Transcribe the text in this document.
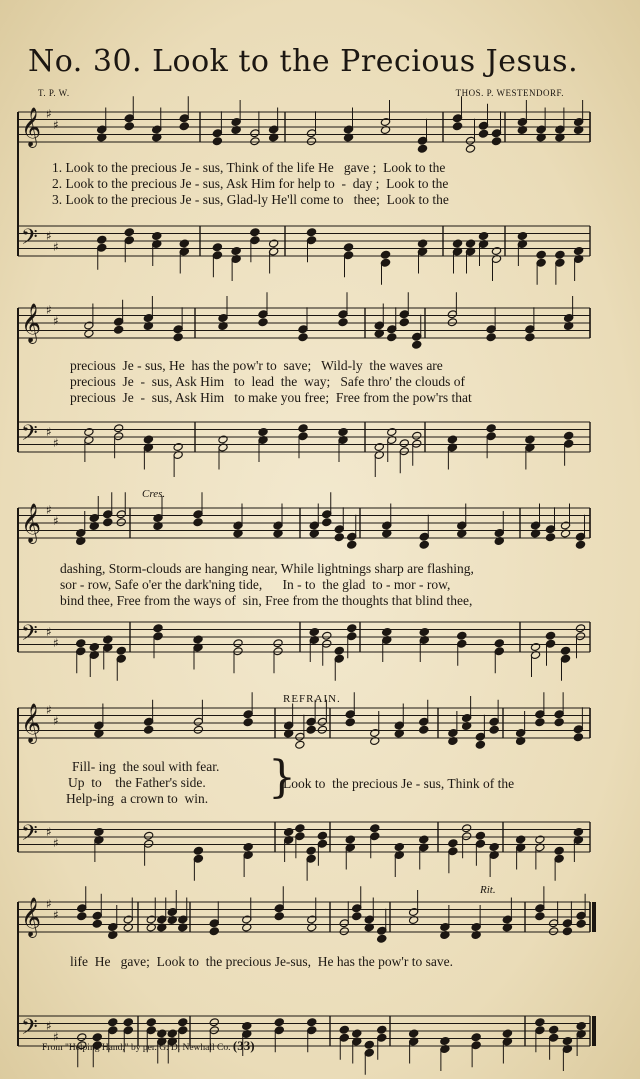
No. 30. Look to the Precious Jesus.
T. P. W.	THOS. P. WESTENDORF.
𝄞 ♯
♯
𝄢 ♯
♯
𝄞 ♯
♯
𝄢 ♯
♯
𝄞 ♯
♯
𝄢 ♯
♯
𝄞 ♯
♯
𝄢 ♯
♯
𝄞 ♯
♯
𝄢 ♯
♯
1. Look to the precious Je - sus, Think of the life He   gave ;  Look to the
2. Look to the precious Je - sus, Ask Him for help to  -  day ;  Look to the
3. Look to the precious Je - sus, Glad-ly He'll come to   thee;  Look to the
precious  Je - sus, He  has the pow'r to  save;   Wild-ly  the waves are
precious  Je  -  sus, Ask Him   to  lead  the  way;   Safe thro' the clouds of
precious  Je  -  sus, Ask Him   to make you free;  Free from the pow'rs that
Cres.
dashing, Storm-clouds are hanging near, While lightnings sharp are flashing,
sor - row, Safe o'er the dark'ning tide,      In - to  the glad  to - mor - row,
bind thee, Free from the ways of  sin, Free from the thoughts that blind thee,
REFRAIN.
Fill- ing  the soul with fear.
Up  to    the Father's side.
Help-ing  a crown to  win. }
Look to  the precious Je - sus, Think of the
Rit.
life  He   gave;  Look to  the precious Je-sus,  He has the pow'r to save.
From "Helping Hand," by per. G. D. Newhall Co. (33)
